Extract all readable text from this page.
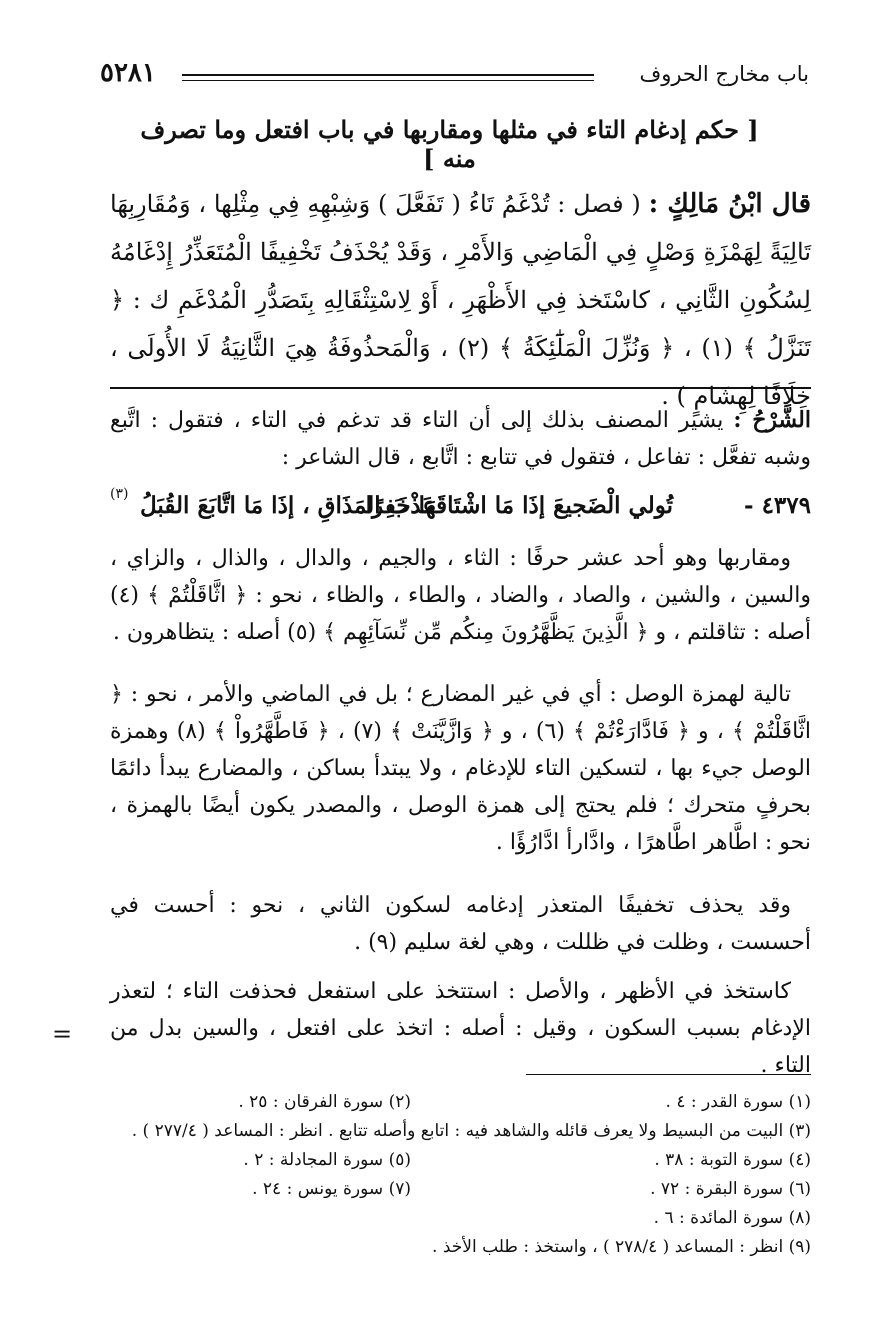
باب مخارج الحروف
٥٢٨١
[ حكم إدغام التاء في مثلها ومقاربها في باب افتعل وما تصرف منه ]
قال ابْنُ مَالِكٍ : ( فصل : تُدْغَمُ تَاءُ ( تَفَعَّلَ ) وَشِبْهِهِ فِي مِثْلِها ، وَمُقَارِبِهَا تَالِيَةً لِهَمْزَةِ وَصْلٍ فِي الْمَاضِي وَالأَمْرِ ، وَقَدْ يُحْذَفُ تَخْفِيفًا الْمُتَعَذِّرُ إِدْغَامُهُ لِسُكُونِ الثَّانِي ، كاسْتَخذ فِي الأَظْهَرِ ، أَوْ لِاسْتِثْقَالِهِ بِتَصَدُّرِ الْمُدْغَمِ ك : ﴿ تَنَزَّلُ ﴾ (١) ، ﴿ وَنُزِّلَ الْمَلَٰٓئِكَةُ ﴾ (٢) ، وَالْمَحذُوفَةُ هِيَ الثَّانِيَةُ لَا الأُولَى ، خِلَافًا لِهِشَامٍ ) .

الشَّرْحُ : يشير المصنف بذلك إلى أن التاء قد تدغم في التاء ، فتقول : اتَّبع وشبه تفعَّل : تفاعل ، فتقول في تتابع : اتَّابع ، قال الشاعر :

٤٣٧٩ -
تُولي الْضَجيعَ إذَا مَا اشْتَاقَهَا خَفِرًا
عَذْبَ المَذَاقِ ، إذَا مَا اتَّابَعَ القُبَلُ
(٣)

ومقاربها وهو أحد عشر حرفًا : الثاء ، والجيم ، والدال ، والذال ، والزاي ، والسين ، والشين ، والصاد ، والضاد ، والطاء ، والظاء ، نحو : ﴿ اثَّاقَلْتُمْ ﴾ (٤) أصله : تثاقلتم ، و ﴿ الَّذِينَ يَظَّهَّرُونَ مِنكُم مِّن نِّسَآئِهِم ﴾ (٥) أصله : يتظاهرون .

تالية لهمزة الوصل : أي في غير المضارع ؛ بل في الماضي والأمر ، نحو : ﴿ اثَّاقَلْتُمْ ﴾ ، و ﴿ فَادَّارَءْتُمْ ﴾ (٦) ، و ﴿ وَازَّيَّنَتْ ﴾ (٧) ، ﴿ فَاطَّهَّرُواْ ﴾ (٨) وهمزة الوصل جيء بها ، لتسكين التاء للإدغام ، ولا يبتدأ بساكن ، والمضارع يبدأ دائمًا بحرفٍ متحرك ؛ فلم يحتج إلى همزة الوصل ، والمصدر يكون أيضًا بالهمزة ، نحو : اطَّاهر اطَّاهرًا ، وادَّارأ ادَّارُؤًا .

وقد يحذف تخفيفًا المتعذر إدغامه لسكون الثاني ، نحو : أحست في أحسست ، وظلت في ظللت ، وهي لغة سليم (٩) .

كاستخذ في الأظهر ، والأصل : استتخذ على استفعل فحذفت التاء ؛ لتعذر الإدغام بسبب السكون ، وقيل : أصله : اتخذ على افتعل ، والسين بدل من التاء .

=
(١) سورة القدر : ٤ .
(٢) سورة الفرقان : ٢٥ .
(٣) البيت من البسيط ولا يعرف قائله والشاهد فيه : اتابع وأصله تتابع . انظر : المساعد ( ٢٧٧/٤ ) .
(٤) سورة التوبة : ٣٨ .
(٥) سورة المجادلة : ٢ .
(٦) سورة البقرة : ٧٢ .
(٧) سورة يونس : ٢٤ .
(٨) سورة المائدة : ٦ .
(٩) انظر : المساعد ( ٢٧٨/٤ ) ، واستخذ : طلب الأخذ .
